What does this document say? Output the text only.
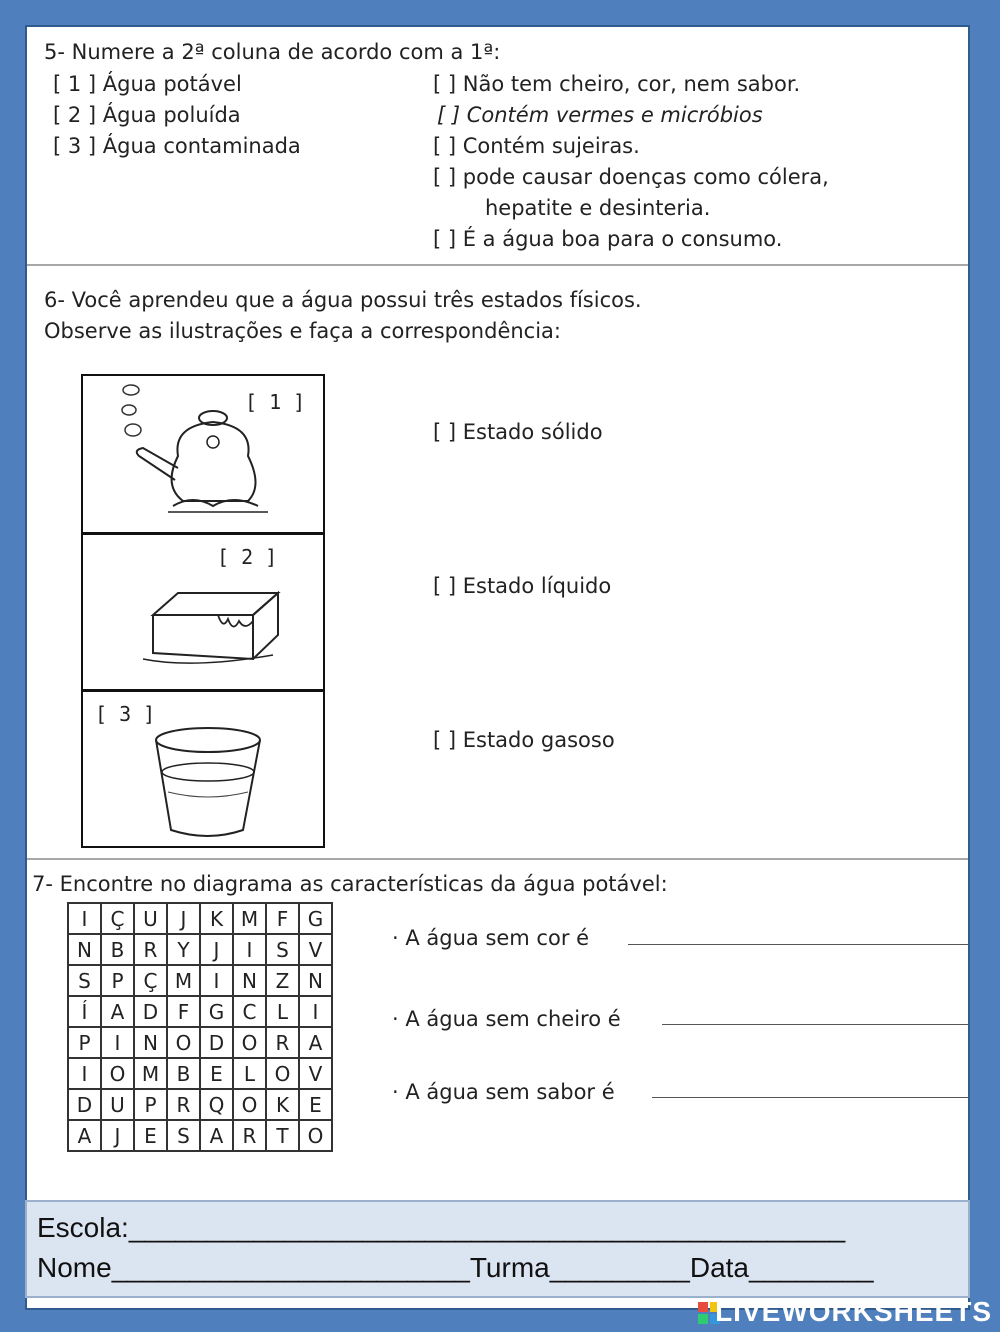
5- Numere a 2ª coluna de acordo com a 1ª:
[ 1 ] Água potável
[ 2 ] Água poluída
[ 3 ] Água contaminada
[ ] Não tem cheiro, cor, nem sabor.
[ ] Contém vermes e micróbios
[ ] Contém sujeiras.
[ ] pode causar doenças como cólera,
hepatite e desinteria.
[ ] É a água boa para o consumo.
6- Você aprendeu que a água possui três estados físicos.
Observe as ilustrações e faça a correspondência:
[ 1 ]
[ 2 ]
[ 3 ]
[ ] Estado sólido
[ ] Estado líquido
[ ] Estado gasoso
7- Encontre no diagrama as características da água potável:
I	Ç	U	J	K	M	F	G
N	B	R	Y	J	I	S	V
S	P	Ç	M	I	N	Z	N
Í	A	D	F	G	C	L	I
P	I	N	O	D	O	R	A
I	O	M	B	E	L	O	V
D	U	P	R	Q	O	K	E
A	J	E	S	A	R	T	O
· A água sem cor é
· A água sem cheiro é
· A água sem sabor é
Escola:______________________________________________
Nome_______________________Turma_________Data________
LIVEWORKSHEETS
